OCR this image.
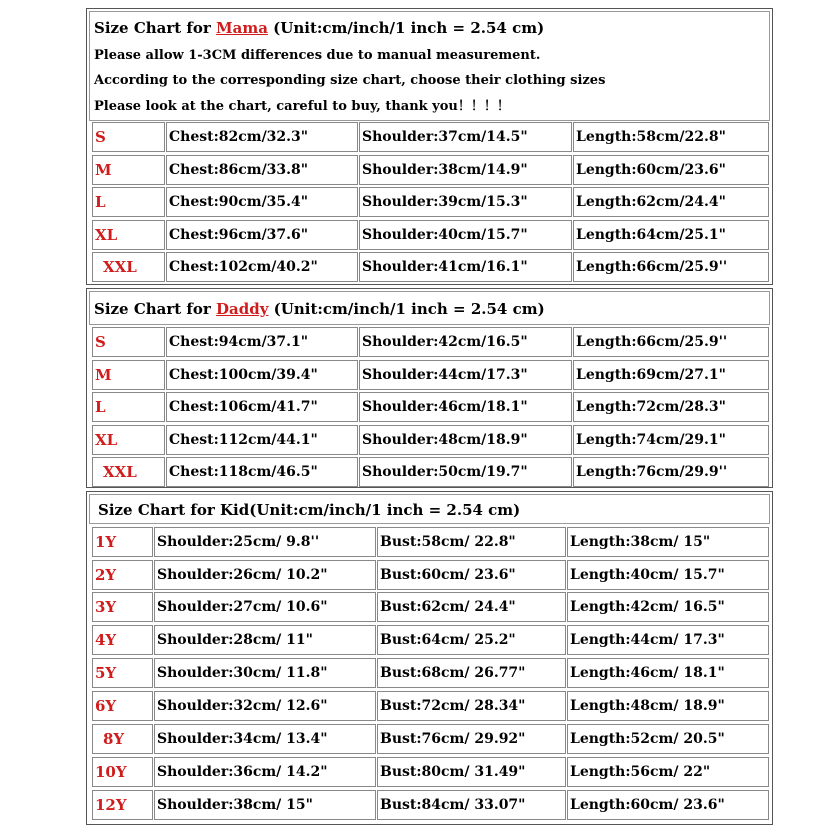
Size Chart for Mama (Unit:cm/inch/1 inch = 2.54 cm)
Please allow 1-3CM differences due to manual measurement.
According to the corresponding size chart, choose their clothing sizes
Please look at the chart, careful to buy, thank you！！！！
S	Chest:82cm/32.3"	Shoulder:37cm/14.5"	Length:58cm/22.8"
M	Chest:86cm/33.8"	Shoulder:38cm/14.9"	Length:60cm/23.6"
L	Chest:90cm/35.4"	Shoulder:39cm/15.3"	Length:62cm/24.4"
XL	Chest:96cm/37.6"	Shoulder:40cm/15.7"	Length:64cm/25.1"
XXL	Chest:102cm/40.2"	Shoulder:41cm/16.1"	Length:66cm/25.9''
Size Chart for Daddy (Unit:cm/inch/1 inch = 2.54 cm)
S	Chest:94cm/37.1"	Shoulder:42cm/16.5"	Length:66cm/25.9''
M	Chest:100cm/39.4"	Shoulder:44cm/17.3"	Length:69cm/27.1"
L	Chest:106cm/41.7"	Shoulder:46cm/18.1"	Length:72cm/28.3"
XL	Chest:112cm/44.1"	Shoulder:48cm/18.9"	Length:74cm/29.1"
XXL	Chest:118cm/46.5"	Shoulder:50cm/19.7"	Length:76cm/29.9''
Size Chart for Kid(Unit:cm/inch/1 inch = 2.54 cm)
1Y	Shoulder:25cm/ 9.8''	Bust:58cm/ 22.8"	Length:38cm/ 15"
2Y	Shoulder:26cm/ 10.2"	Bust:60cm/ 23.6"	Length:40cm/ 15.7"
3Y	Shoulder:27cm/ 10.6"	Bust:62cm/ 24.4"	Length:42cm/ 16.5"
4Y	Shoulder:28cm/ 11"	Bust:64cm/ 25.2"	Length:44cm/ 17.3"
5Y	Shoulder:30cm/ 11.8"	Bust:68cm/ 26.77"	Length:46cm/ 18.1"
6Y	Shoulder:32cm/ 12.6"	Bust:72cm/ 28.34"	Length:48cm/ 18.9"
8Y	Shoulder:34cm/ 13.4"	Bust:76cm/ 29.92"	Length:52cm/ 20.5"
10Y	Shoulder:36cm/ 14.2"	Bust:80cm/ 31.49"	Length:56cm/ 22"
12Y	Shoulder:38cm/ 15"	Bust:84cm/ 33.07"	Length:60cm/ 23.6"
